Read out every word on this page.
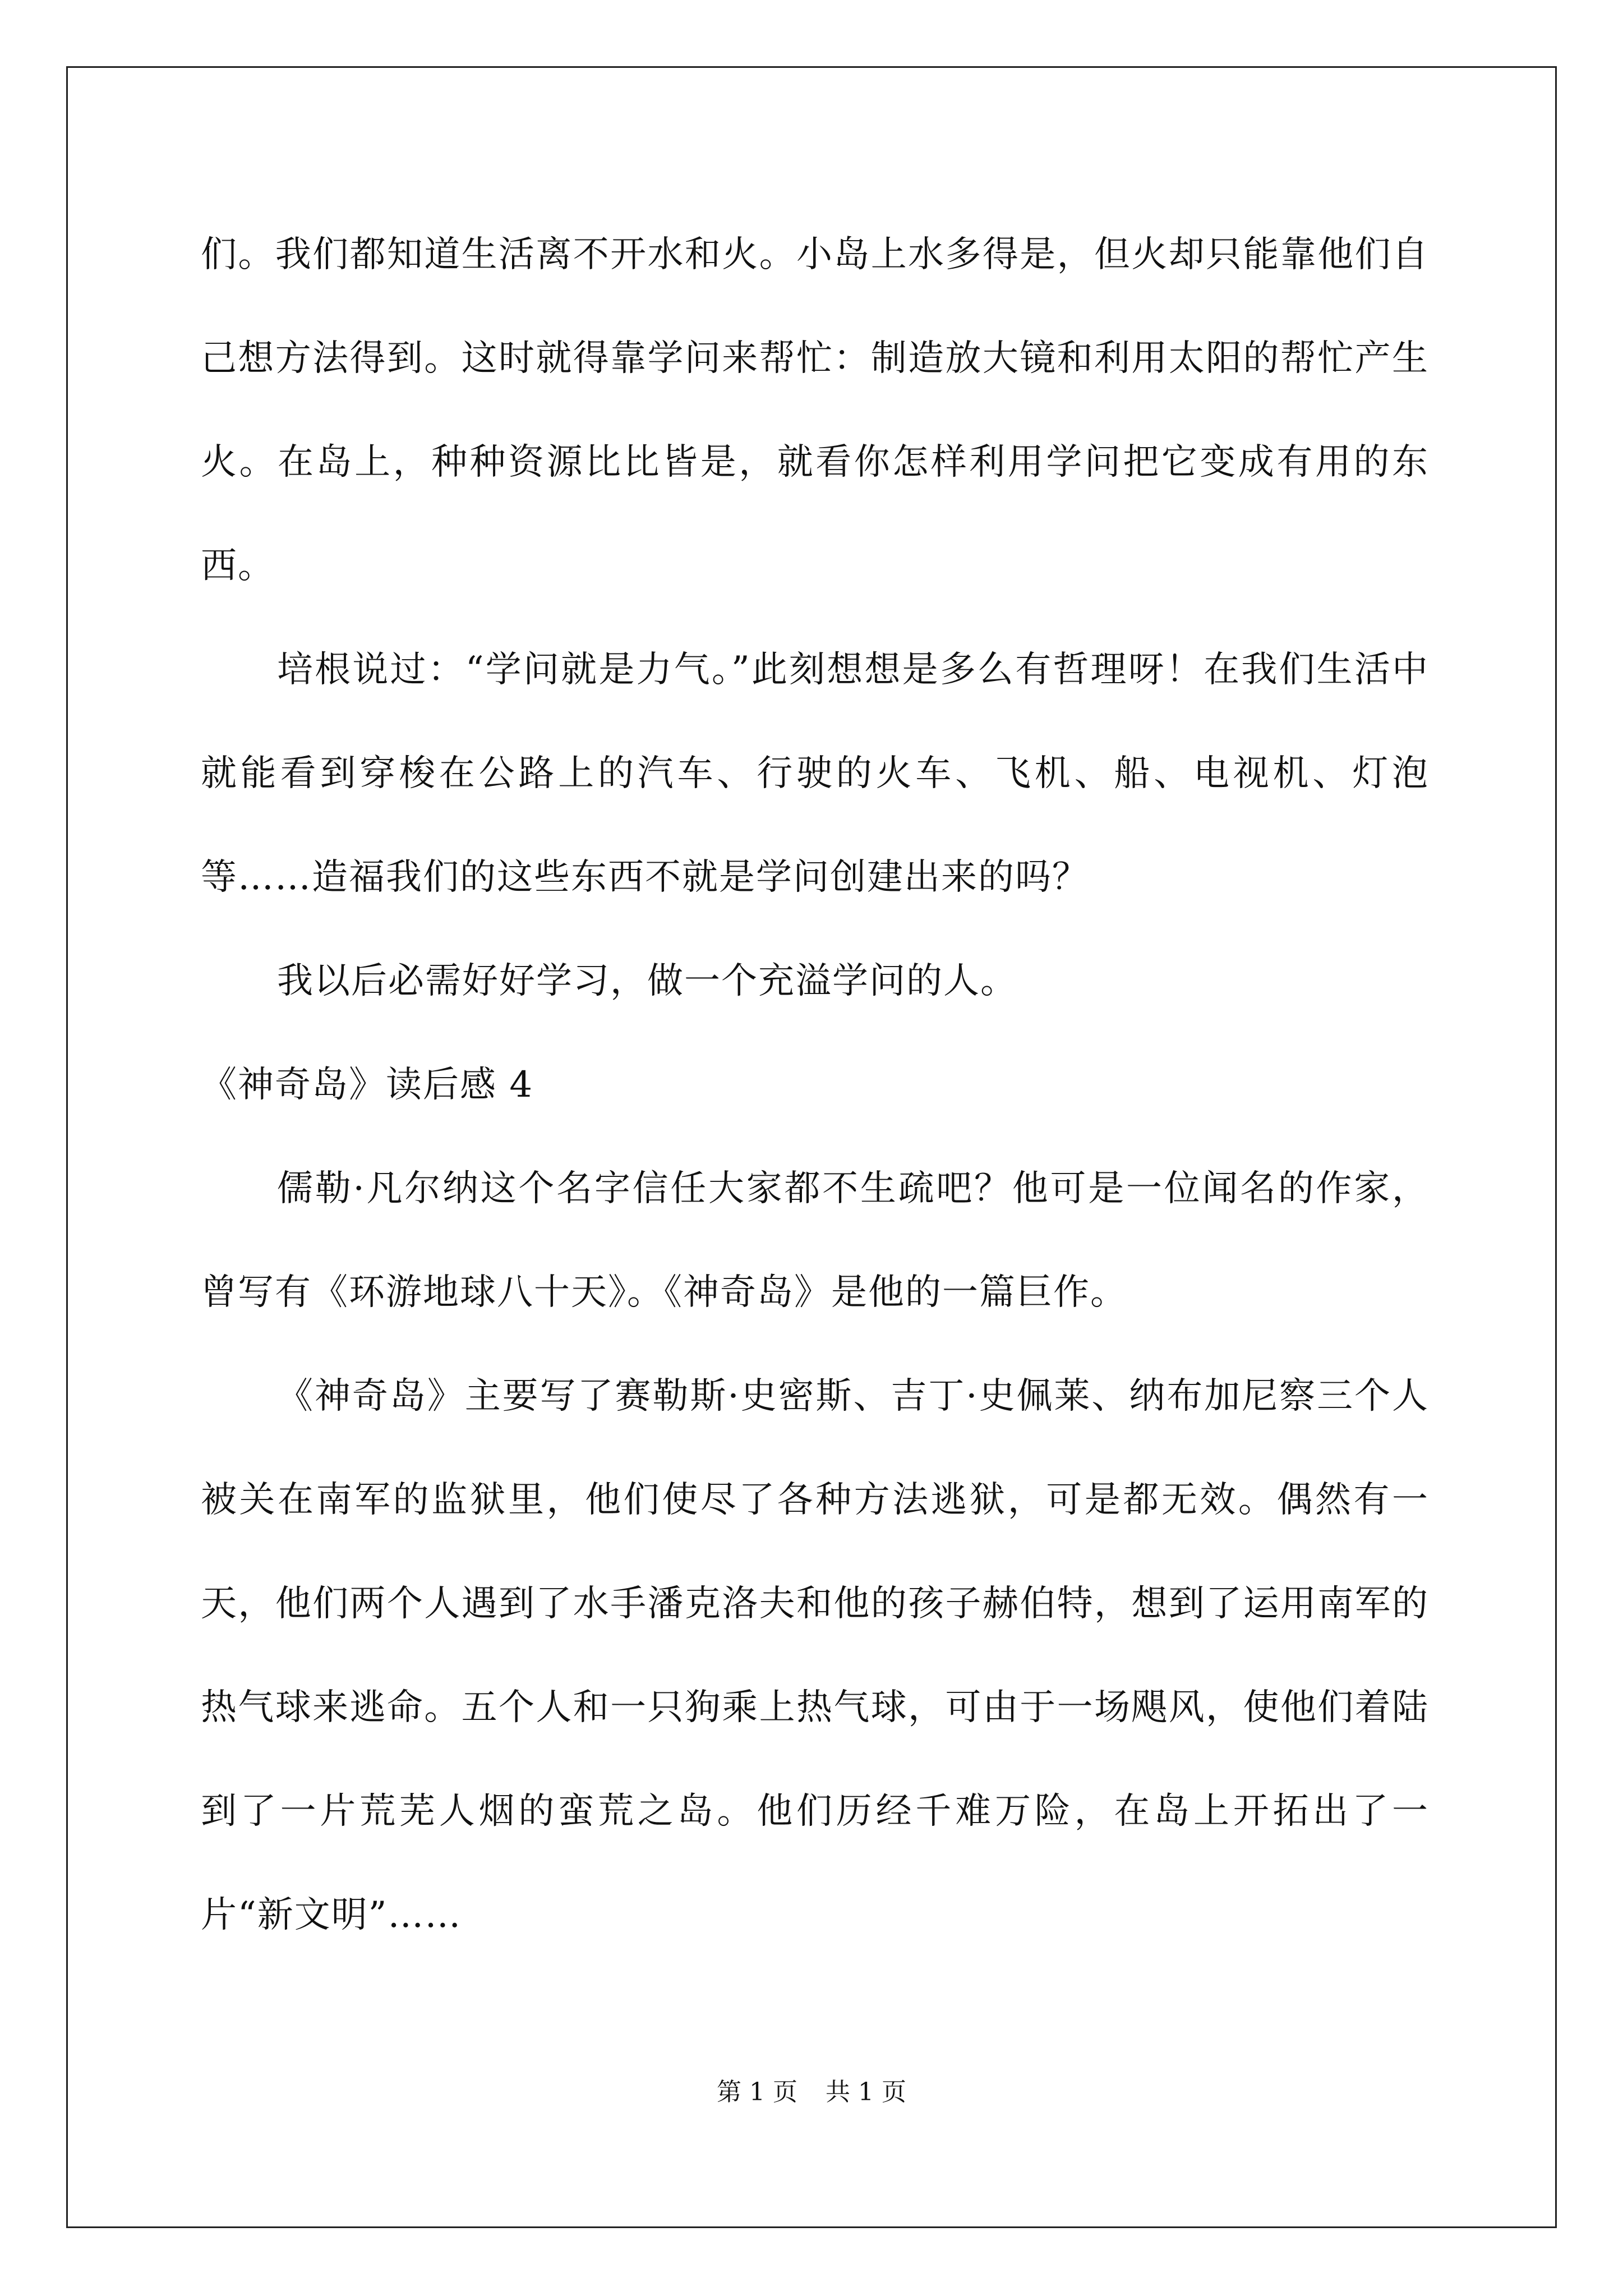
们。我们都知道生活离不开水和火。小岛上水多得是，但火却只能靠他们自己想方法得到。这时就得靠学问来帮忙：制造放大镜和利用太阳的帮忙产生火。在岛上，种种资源比比皆是，就看你怎样利用学问把它变成有用的东西。

培根说过：“学问就是力气。”此刻想想是多么有哲理呀！在我们生活中就能看到穿梭在公路上的汽车、行驶的火车、飞机、船、电视机、灯泡等……造福我们的这些东西不就是学问创建出来的吗？

我以后必需好好学习，做一个充溢学问的人。

《神奇岛》读后感 4

儒勒·凡尔纳这个名字信任大家都不生疏吧？他可是一位闻名的作家，曾写有《环游地球八十天》。《神奇岛》是他的一篇巨作。

《神奇岛》主要写了赛勒斯·史密斯、吉丁·史佩莱、纳布加尼察三个人被关在南军的监狱里，他们使尽了各种方法逃狱，可是都无效。偶然有一天，他们两个人遇到了水手潘克洛夫和他的孩子赫伯特，想到了运用南军的热气球来逃命。五个人和一只狗乘上热气球，可由于一场飓风，使他们着陆到了一片荒芜人烟的蛮荒之岛。他们历经千难万险，在岛上开拓出了一片“新文明”……

第 1 页 共 1 页
